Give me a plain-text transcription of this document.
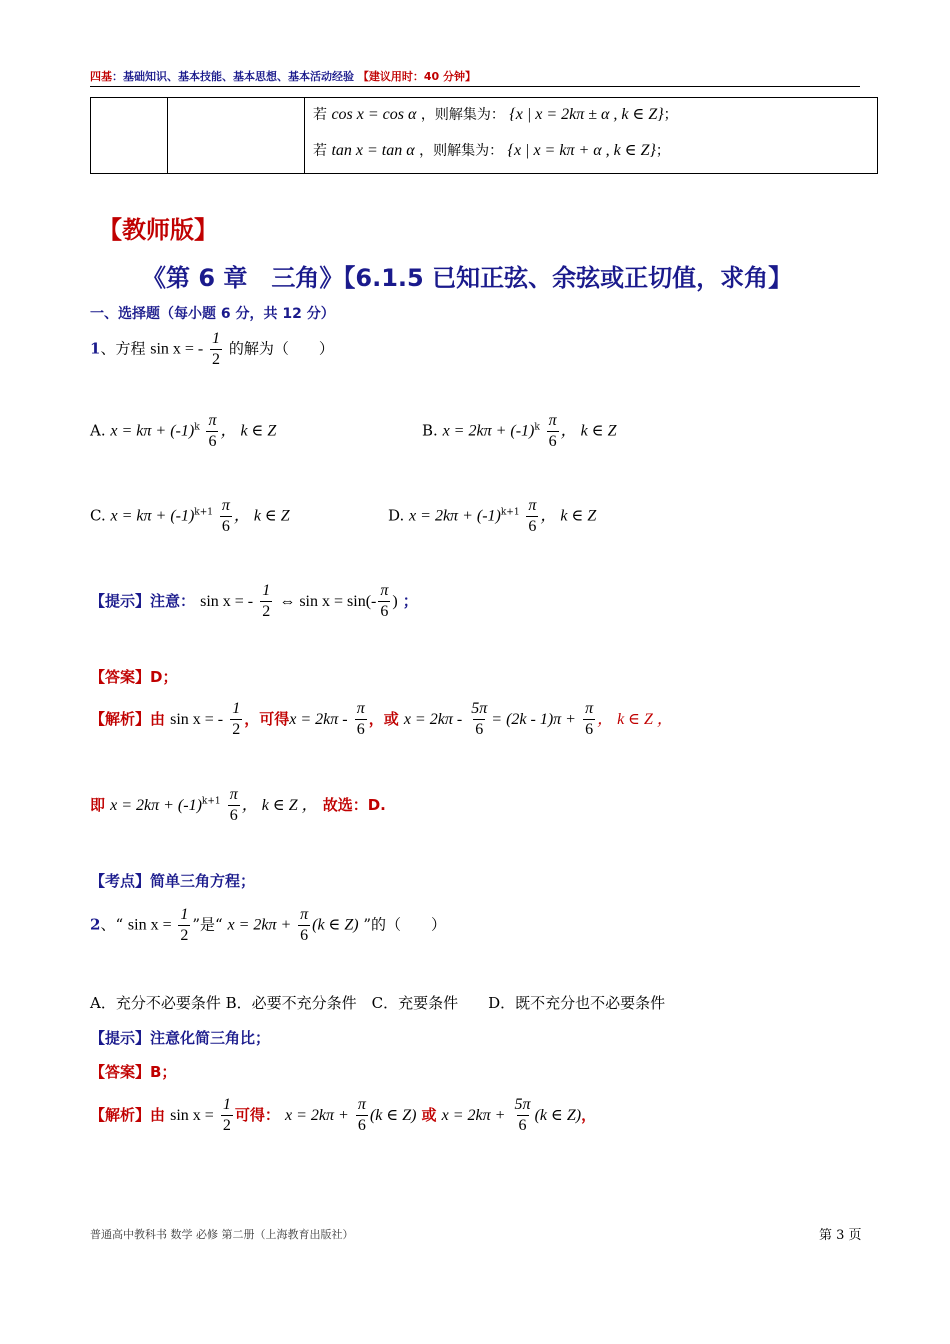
四基：基础知识、基本技能、基本思想、基本活动经验 【建议用时：40 分钟】

若 cos x = cos α ，则解集为： {x | x = 2kπ ± α , k ∈ Z}；
若 tan x = tan α ，则解集为： {x | x = kπ + α , k ∈ Z}；
【教师版】
《第 6 章　三角》【6.1.5 已知正弦、余弦或正切值，求角】
一、选择题（每小题 6 分，共 12 分）
1、方程 sin x = - $\frac{1}{2}$ 的解为（　　）
A. $x = k\pi + (-1)^k \frac{\pi}{6}$ ， k ∈ Z	B. $x = 2k\pi + (-1)^k \frac{\pi}{6}$ ， k ∈ Z
C. $x = k\pi + (-1)^{k+1} \frac{\pi}{6}$ ， k ∈ Z	D. $x = 2k\pi + (-1)^{k+1} \frac{\pi}{6}$ ， k ∈ Z
【提示】注意： sin x = - $\frac{1}{2}$ ⇔ $\sin x = \sin(- \frac{\pi}{6}$ ) ；
【答案】D；
【解析】由 sin x = - $\frac{1}{2}$ ，可得$x = 2k\pi - \frac{\pi}{6}$ ，或 $x = 2k\pi - \frac{5\pi}{6} = (2k - 1)\pi + \frac{\pi}{6}$ ， k ∈ Z ，
即 $x = 2k\pi + (-1)^{k+1} \frac{\pi}{6}$ ， k ∈ Z ， 故选：D.
【考点】简单三角方程；
2、“ $\sin x = \frac{1}{2}$ ”是“ $x = 2k\pi + \frac{\pi}{6} (k$ ∈ Z) ”的（　　）
A．充分不必要条件 B．必要不充分条件　C．充要条件　　D．既不充分也不必要条件
【提示】注意化简三角比；
【答案】B；
【解析】由 $\sin x = \frac{1}{2}$ 可得： $x = 2k\pi + \frac{\pi}{6} (k$ ∈ Z) 或 $x = 2k\pi + \frac{5\pi}{6} (k$ ∈ Z)，
普通高中教科书 数学 必修 第二册（上海教育出版社）	第 3 页
